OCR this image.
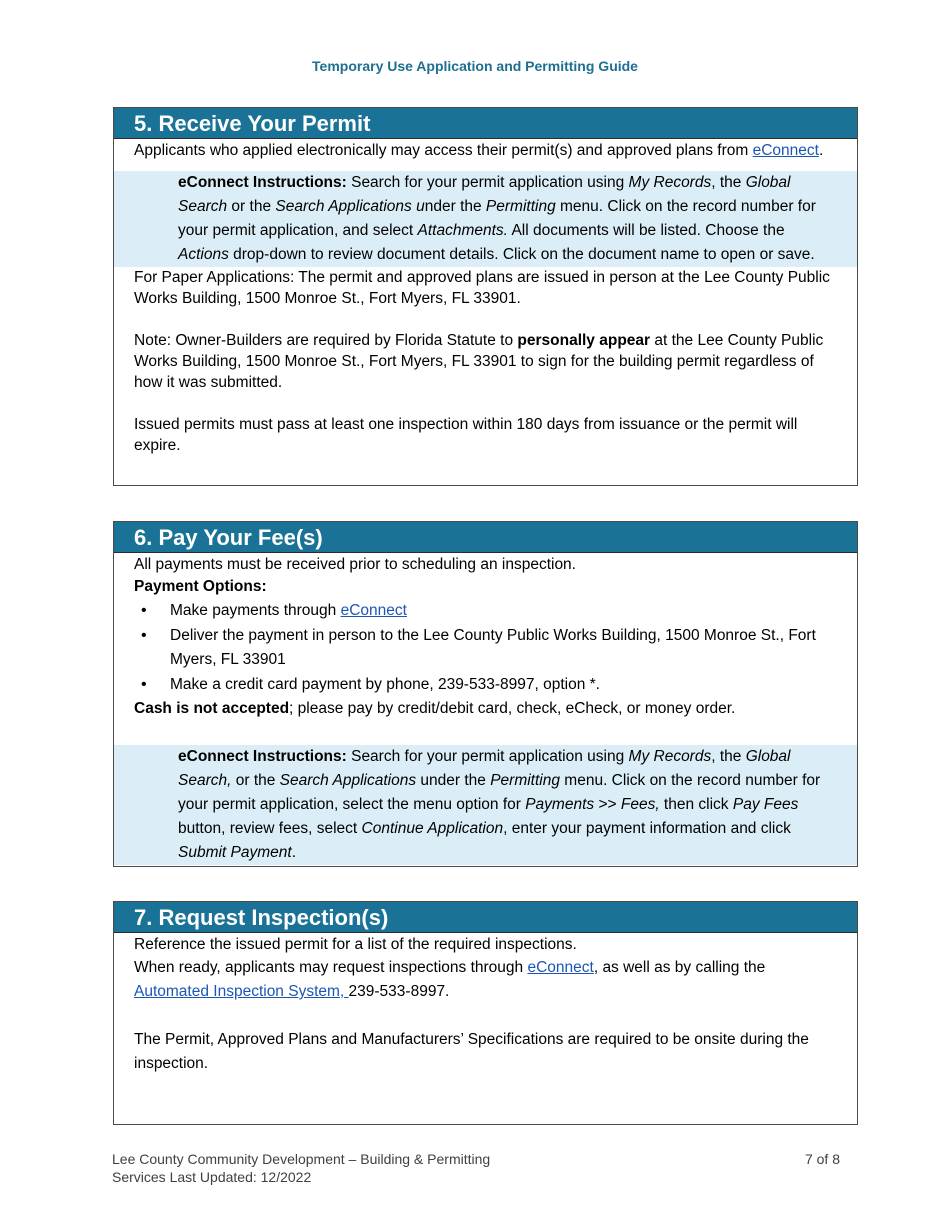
Temporary Use Application and Permitting Guide
5. Receive Your Permit

Applicants who applied electronically may access their permit(s) and approved plans from eConnect.

eConnect Instructions: Search for your permit application using My Records, the Global Search or the Search Applications under the Permitting menu. Click on the record number for your permit application, and select Attachments. All documents will be listed. Choose the Actions drop-down to review document details. Click on the document name to open or save.

For Paper Applications: The permit and approved plans are issued in person at the Lee County Public Works Building, 1500 Monroe St., Fort Myers, FL 33901.

Note: Owner-Builders are required by Florida Statute to personally appear at the Lee County Public Works Building, 1500 Monroe St., Fort Myers, FL 33901 to sign for the building permit regardless of how it was submitted.

Issued permits must pass at least one inspection within 180 days from issuance or the permit will expire.

6. Pay Your Fee(s)

All payments must be received prior to scheduling an inspection.

Payment Options:

• Make payments through eConnect
• Deliver the payment in person to the Lee County Public Works Building, 1500 Monroe St., Fort Myers, FL 33901
• Make a credit card payment by phone, 239-533-8997, option *.

Cash is not accepted; please pay by credit/debit card, check, eCheck, or money order.

eConnect Instructions: Search for your permit application using My Records, the Global Search, or the Search Applications under the Permitting menu. Click on the record number for your permit application, select the menu option for Payments >> Fees, then click Pay Fees button, review fees, select Continue Application, enter your payment information and click Submit Payment.
7. Request Inspection(s)

Reference the issued permit for a list of the required inspections.

When ready, applicants may request inspections through eConnect, as well as by calling the Automated Inspection System, 239-533-8997.

The Permit, Approved Plans and Manufacturers’ Specifications are required to be onsite during the inspection.

Lee County Community Development – Building & Permitting
Services Last Updated: 12/2022
7 of 8
